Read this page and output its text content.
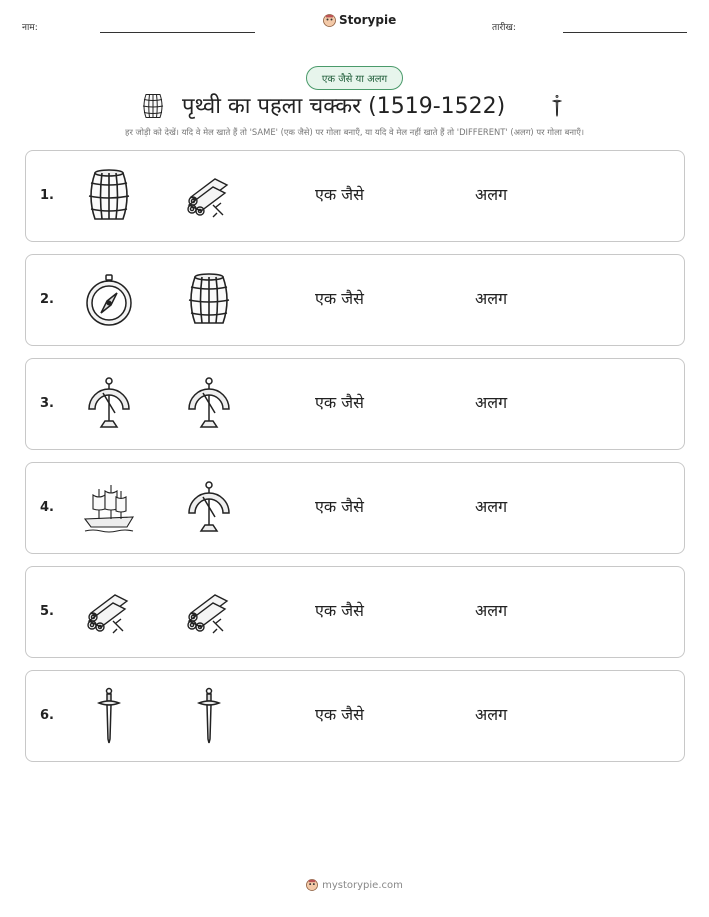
नाम:
Storypie
तारीख:
एक जैसे या अलग
पृथ्वी का पहला चक्कर (1519-1522)
हर जोड़ी को देखें। यदि वे मेल खाते हैं तो 'SAME' (एक जैसे) पर गोला बनाएँ, या यदि वे मेल नहीं खाते हैं तो 'DIFFERENT' (अलग) पर गोला बनाएँ।
1.	एक जैसे	अलग
2.	एक जैसे	अलग
3.	एक जैसे	अलग
4.	एक जैसे	अलग
5.	एक जैसे	अलग
6.	एक जैसे	अलग
mystorypie.com
